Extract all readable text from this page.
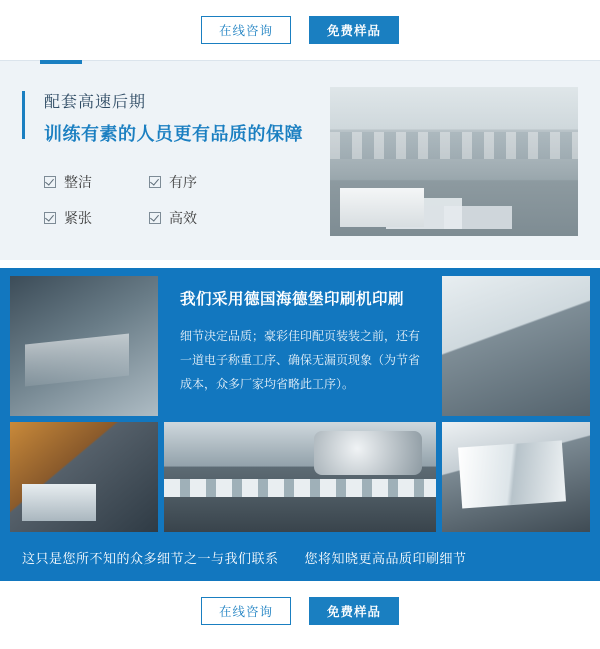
在线咨询	免费样品
配套高速后期
训练有素的人员更有品质的保障
整洁	有序
紧张	高效
我们采用德国海德堡印刷机印刷
细节决定品质；豪彩佳印配页装装之前，还有一道电子称重工序、确保无漏页现象（为节省成本，众多厂家均省略此工序）。
这只是您所不知的众多细节之一与我们联系 您将知晓更高品质印刷细节
在线咨询	免费样品
